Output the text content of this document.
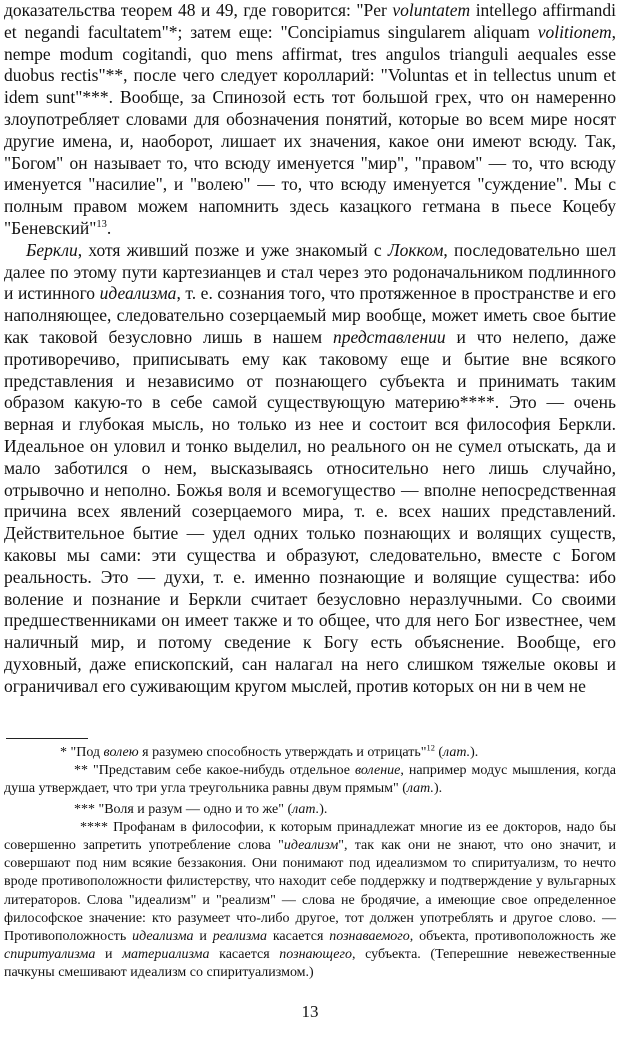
доказательства теорем 48 и 49, где говорится: "Per voluntatem intellego affirmandi et negandi facultatem"*; затем еще: "Concipiamus singularem aliquam volitionem, nempe modum cogitandi, quo mens affirmat, tres angulos trianguli aequales esse duobus rectis"**, после чего следует королларий: "Voluntas et in tellectus unum et idem sunt"***. Вообще, за Спинозой есть тот большой грех, что он намеренно злоупотребляет словами для обозначения понятий, которые во всем мире носят другие имена, и, наоборот, лишает их значения, какое они имеют всюду. Так, "Богом" он называет то, что всюду именуется "мир", "правом" — то, что всюду именуется "насилие", и "волею" — то, что всюду именуется "суждение". Мы с полным правом можем напомнить здесь казацкого гетмана в пьесе Коцебу "Беневский"$^{13}$.

Беркли, хотя живший позже и уже знакомый с Локком, последовательно шел далее по этому пути картезианцев и стал через это родоначальником подлинного и истинного идеализма, т. е. сознания того, что протяженное в пространстве и его наполняющее, следовательно созерцаемый мир вообще, может иметь свое бытие как таковой безусловно лишь в нашем представлении и что нелепо, даже противоречиво, приписывать ему как таковому еще и бытие вне всякого представления и независимо от познающего субъекта и принимать таким образом какую-то в себе самой существующую материю****. Это — очень верная и глубокая мысль, но только из нее и состоит вся философия Беркли. Идеальное он уловил и тонко выделил, но реального он не сумел отыскать, да и мало заботился о нем, высказываясь относительно него лишь случайно, отрывочно и неполно. Божья воля и всемогущество — вполне непосредственная причина всех явлений созерцаемого мира, т. е. всех наших представлений. Действительное бытие — удел одних только познающих и волящих существ, каковы мы сами: эти существа и образуют, следовательно, вместе с Богом реальность. Это — духи, т. е. именно познающие и волящие существа: ибо воление и познание и Беркли считает безусловно неразлучными. Со своими предшественниками он имеет также и то общее, что для него Бог известнее, чем наличный мир, и потому сведение к Богу есть объяснение. Вообще, его духовный, даже епископский, сан налагал на него слишком тяжелые оковы и ограничивал его суживающим кругом мыслей, против которых он ни в чем не

* "Под волею я разумею способность утверждать и отрицать"$^{12}$ (лат.).

** "Представим себе какое-нибудь отдельное воление, например модус мышления, когда душа утверждает, что три угла треугольника равны двум прямым" (лат.).

*** "Воля и разум — одно и то же" (лат.).

**** Профанам в философии, к которым принадлежат многие из ее докторов, надо бы совершенно запретить употребление слова "идеализм", так как они не знают, что оно значит, и совершают под ним всякие беззакония. Они понимают под идеализмом то спиритуализм, то нечто вроде противоположности филистерству, что находит себе поддержку и подтверждение у вульгарных литераторов. Слова "идеализм" и "реализм" — слова не бродячие, а имеющие свое определенное философское значение: кто разумеет что-либо другое, тот должен употреблять и другое слово. — Противоположность идеализма и реализма касается познаваемого, объекта, противоположность же спиритуализма и материализма касается познающего, субъекта. (Теперешние невежественные пачкуны смешивают идеализм со спиритуализмом.)

13
